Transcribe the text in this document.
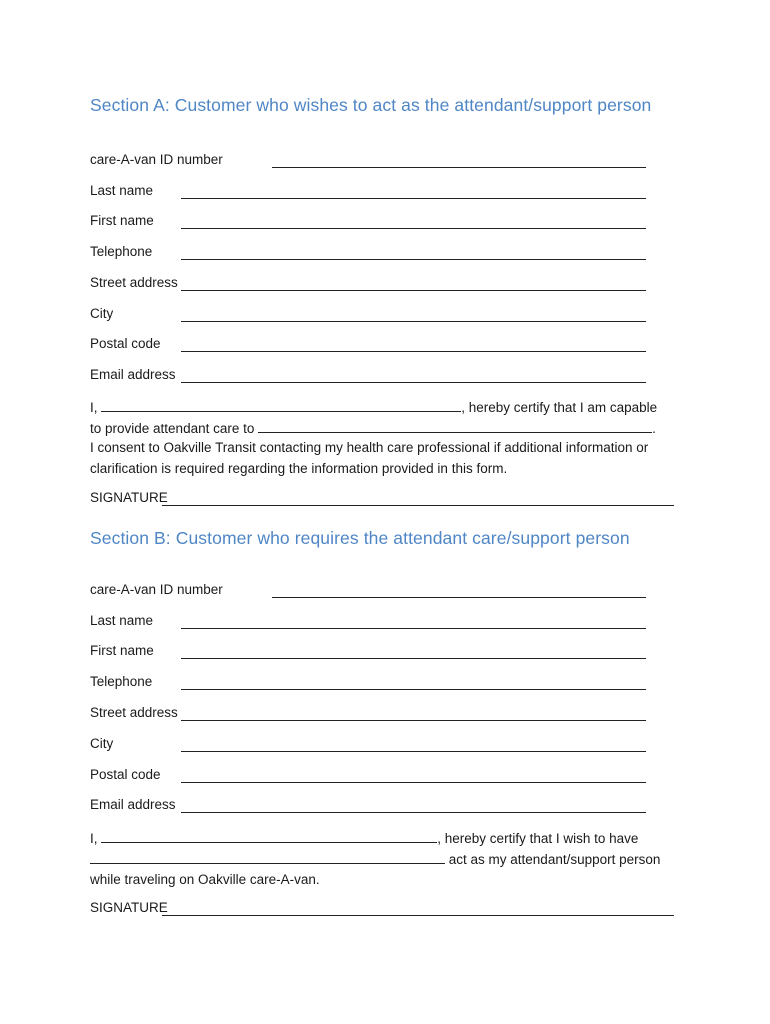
Section A: Customer who wishes to act as the attendant/support person
care-A-van ID number
Last name
First name
Telephone
Street address
City
Postal code
Email address
I,	, hereby certify that I am capable
to provide attendant care to	.
I consent to Oakville Transit contacting my health care professional if additional information or
clarification is required regarding the information provided in this form.
SIGNATURE
Section B: Customer who requires the attendant care/support person
care-A-van ID number
Last name
First name
Telephone
Street address
City
Postal code
Email address
I,	, hereby certify that I wish to have
act as my attendant/support person
while traveling on Oakville care-A-van.
SIGNATURE
